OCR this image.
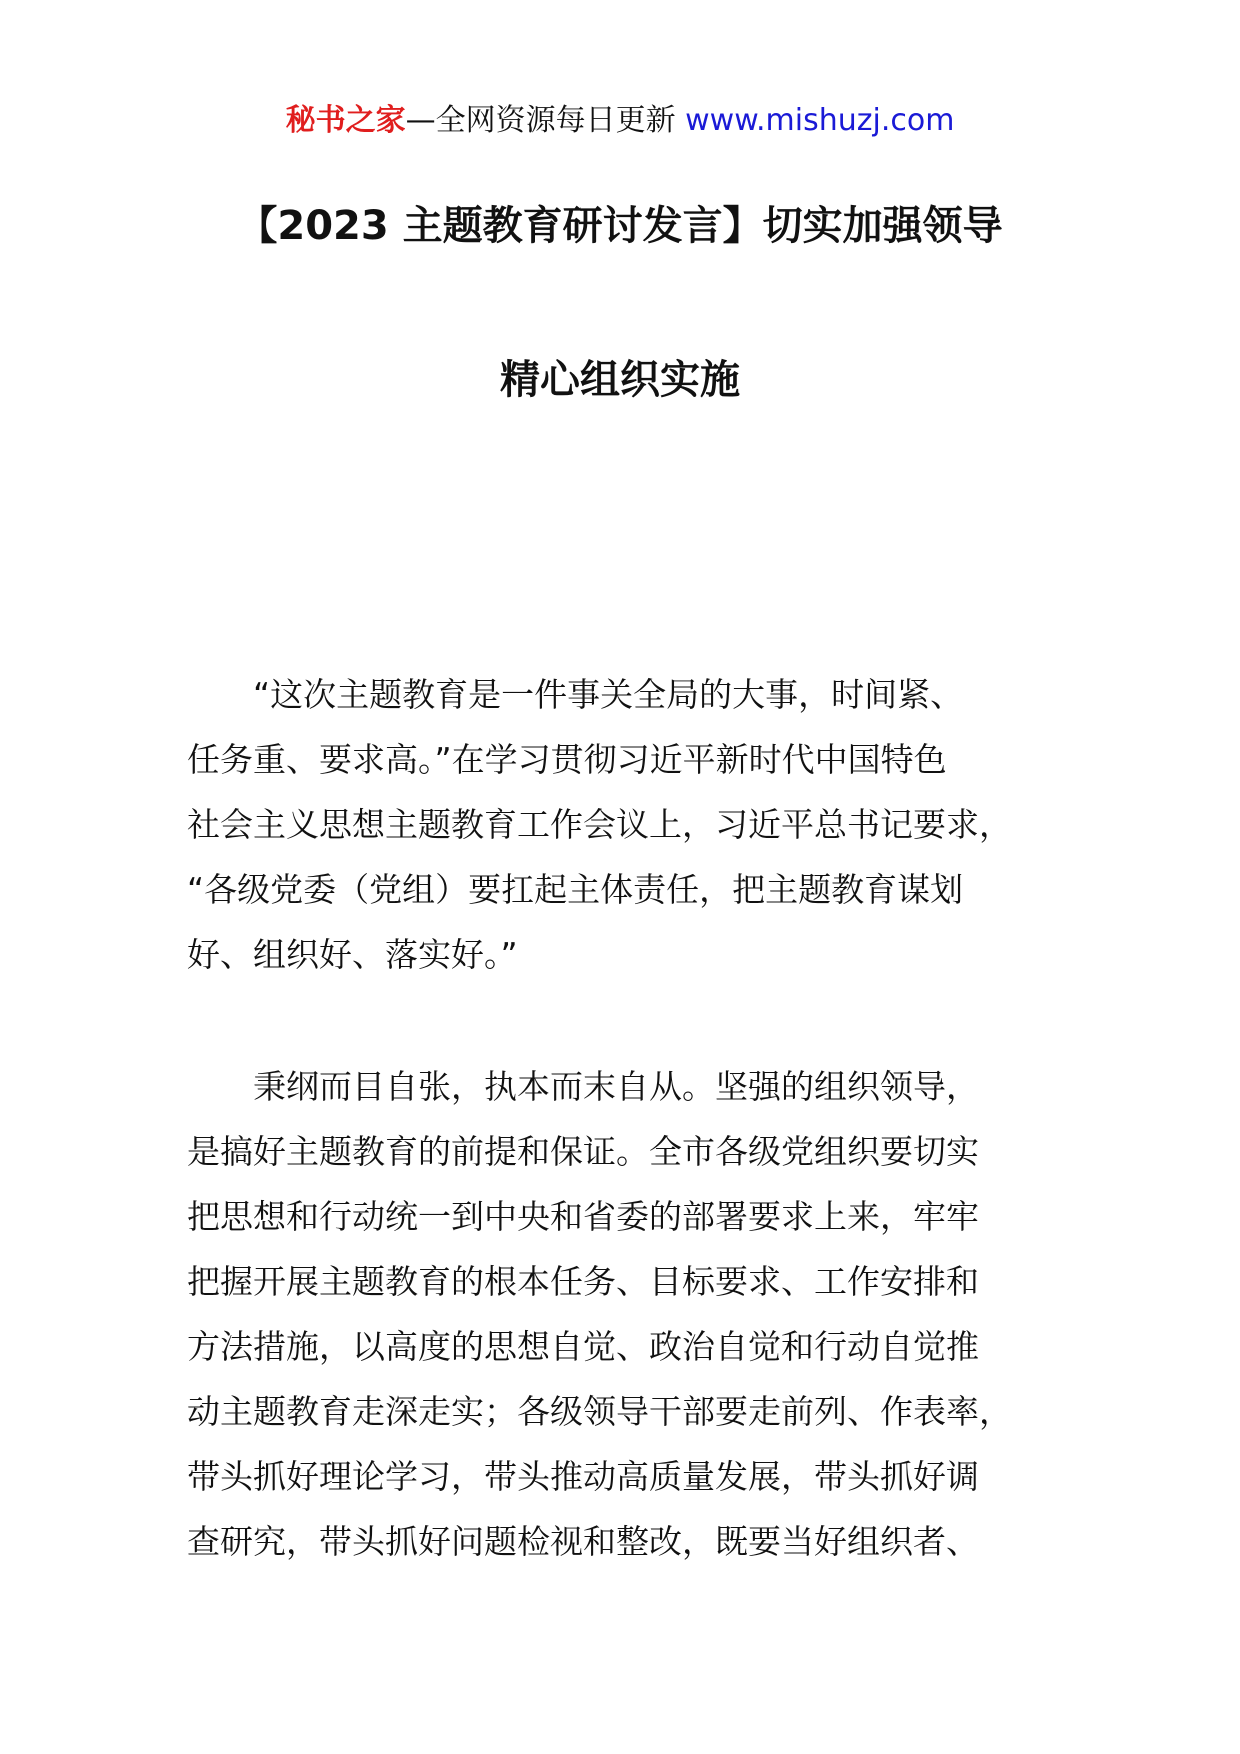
秘书之家—全网资源每日更新 www.mishuzj.com
【2023 主题教育研讨发言】切实加强领导
精心组织实施
　　“这次主题教育是一件事关全局的大事，时间紧、
任务重、要求高。”在学习贯彻习近平新时代中国特色
社会主义思想主题教育工作会议上，习近平总书记要求，
“各级党委（党组）要扛起主体责任，把主题教育谋划
好、组织好、落实好。”
　　秉纲而目自张，执本而末自从。坚强的组织领导，
是搞好主题教育的前提和保证。全市各级党组织要切实
把思想和行动统一到中央和省委的部署要求上来，牢牢
把握开展主题教育的根本任务、目标要求、工作安排和
方法措施，以高度的思想自觉、政治自觉和行动自觉推
动主题教育走深走实；各级领导干部要走前列、作表率，
带头抓好理论学习，带头推动高质量发展，带头抓好调
查研究，带头抓好问题检视和整改，既要当好组织者、
